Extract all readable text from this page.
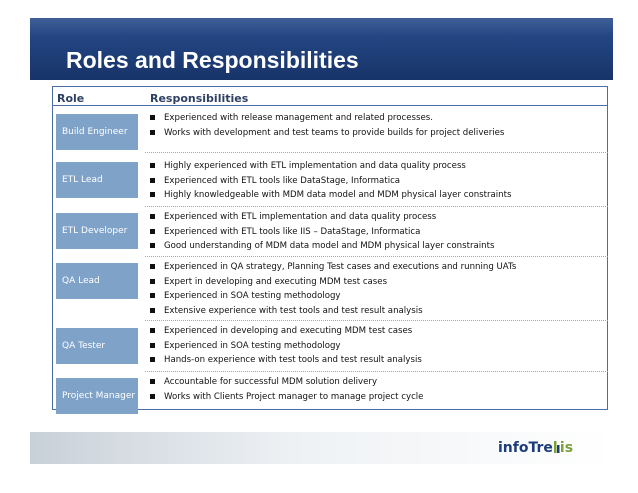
Roles and Responsibilities
Role	Responsibilities
Build Engineer
Experienced with release management and related processes.
Works with development and test teams to provide builds for project deliveries
ETL Lead
Highly experienced with ETL implementation and data quality process
Experienced with ETL tools like DataStage, Informatica
Highly knowledgeable with MDM data model and MDM physical layer constraints
ETL Developer
Experienced with ETL implementation and data quality process
Experienced with ETL tools like IIS – DataStage, Informatica
Good understanding of MDM data model and MDM physical layer constraints
QA Lead
Experienced in QA strategy, Planning Test cases and executions and running UATs
Expert in developing and executing MDM test cases
Experienced in SOA testing methodology
Extensive experience with test tools and test result analysis
QA Tester
Experienced in developing and executing MDM test cases
Experienced in SOA testing methodology
Hands-on experience with test tools and test result analysis
Project Manager
Accountable for successful MDM solution delivery
Works with Clients Project manager to manage project cycle
infoTre is
